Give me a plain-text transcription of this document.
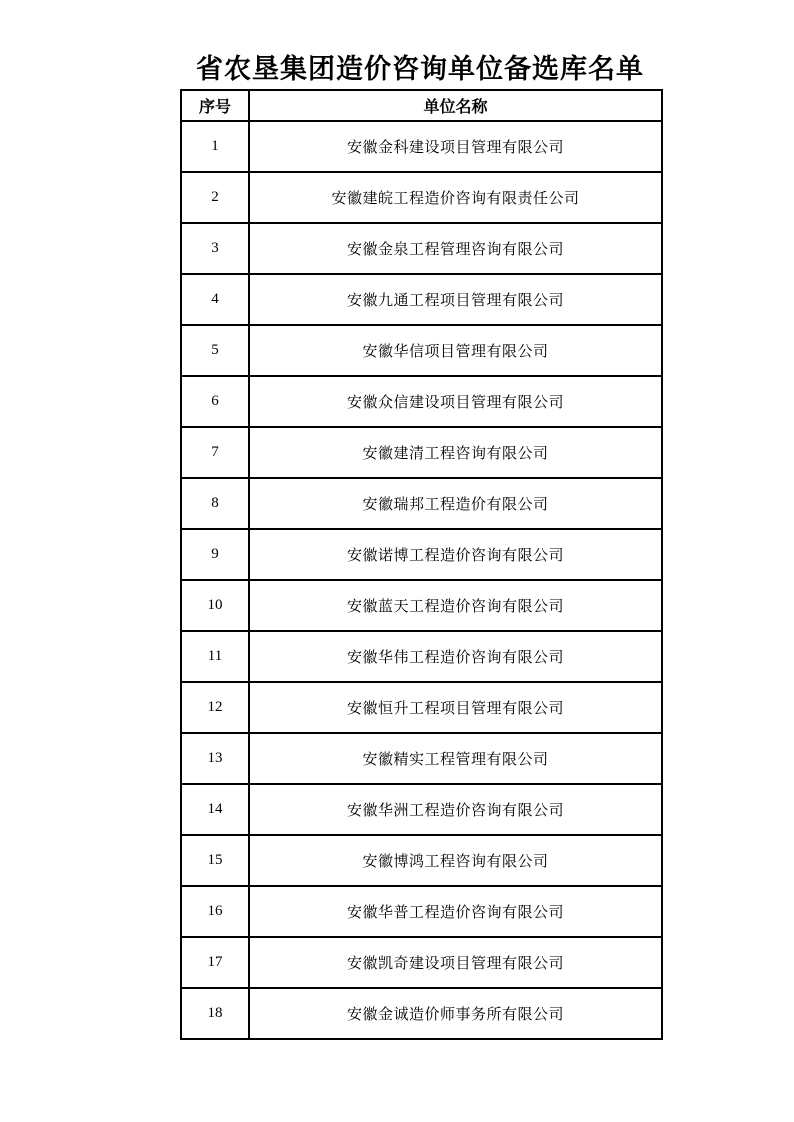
省农垦集团造价咨询单位备选库名单
序号	单位名称
1	安徽金科建设项目管理有限公司
2	安徽建皖工程造价咨询有限责任公司
3	安徽金泉工程管理咨询有限公司
4	安徽九通工程项目管理有限公司
5	安徽华信项目管理有限公司
6	安徽众信建设项目管理有限公司
7	安徽建清工程咨询有限公司
8	安徽瑞邦工程造价有限公司
9	安徽诺博工程造价咨询有限公司
10	安徽蓝天工程造价咨询有限公司
11	安徽华伟工程造价咨询有限公司
12	安徽恒升工程项目管理有限公司
13	安徽精实工程管理有限公司
14	安徽华洲工程造价咨询有限公司
15	安徽博鸿工程咨询有限公司
16	安徽华普工程造价咨询有限公司
17	安徽凯奇建设项目管理有限公司
18	安徽金诚造价师事务所有限公司
